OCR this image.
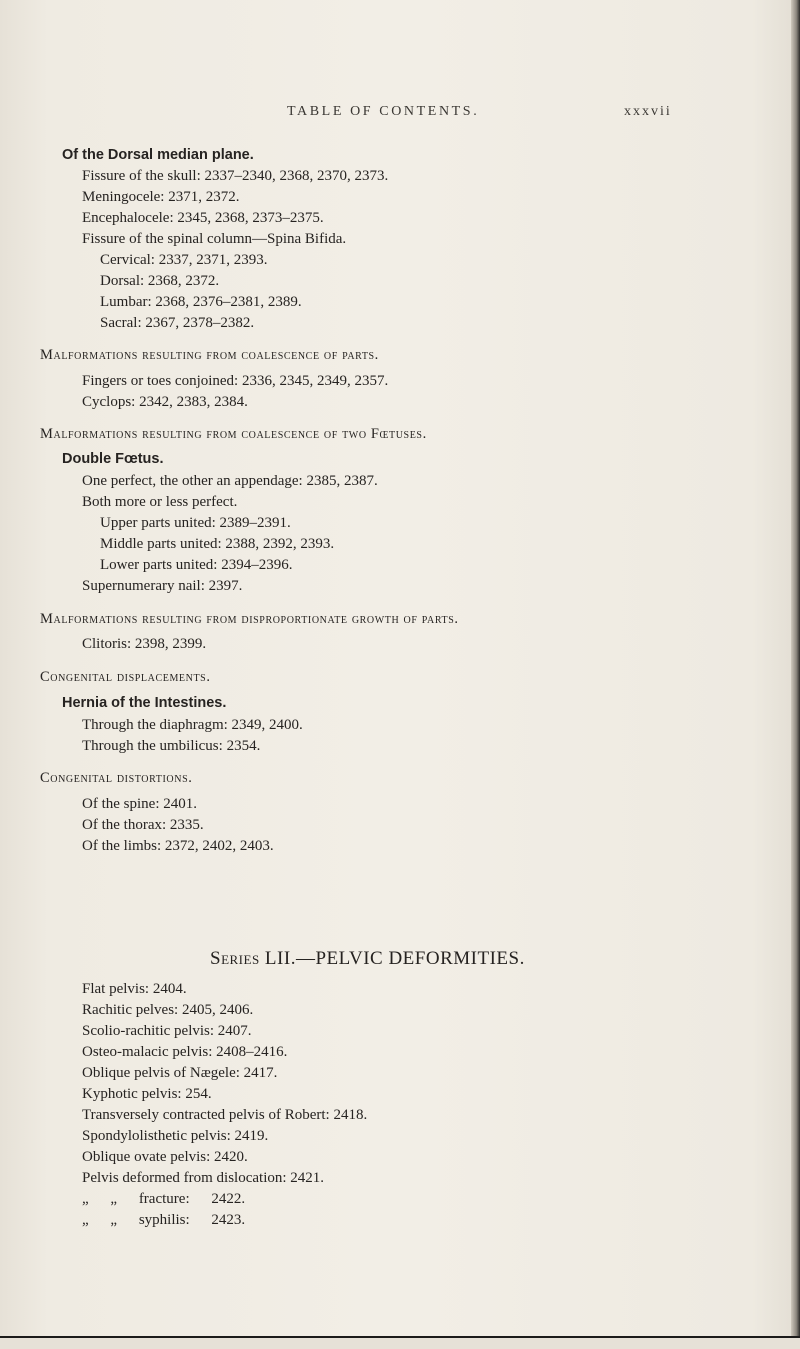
TABLE OF CONTENTS.	xxxvii
Of the Dorsal median plane.
Fissure of the skull: 2337–2340, 2368, 2370, 2373.
Meningocele: 2371, 2372.
Encephalocele: 2345, 2368, 2373–2375.
Fissure of the spinal column—Spina Bifida.
Cervical: 2337, 2371, 2393.
Dorsal: 2368, 2372.
Lumbar: 2368, 2376–2381, 2389.
Sacral: 2367, 2378–2382.
Malformations resulting from coalescence of parts.
Fingers or toes conjoined: 2336, 2345, 2349, 2357.
Cyclops: 2342, 2383, 2384.
Malformations resulting from coalescence of two Fœtuses.
Double Fœtus.
One perfect, the other an appendage: 2385, 2387.
Both more or less perfect.
Upper parts united: 2389–2391.
Middle parts united: 2388, 2392, 2393.
Lower parts united: 2394–2396.
Supernumerary nail: 2397.
Malformations resulting from disproportionate growth of parts.
Clitoris: 2398, 2399.
Congenital displacements.
Hernia of the Intestines.
Through the diaphragm: 2349, 2400.
Through the umbilicus: 2354.
Congenital distortions.
Of the spine: 2401.
Of the thorax: 2335.
Of the limbs: 2372, 2402, 2403.
Series LII.—PELVIC DEFORMITIES.
Flat pelvis: 2404.
Rachitic pelves: 2405, 2406.
Scolio-rachitic pelvis: 2407.
Osteo-malacic pelvis: 2408–2416.
Oblique pelvis of Nægele: 2417.
Kyphotic pelvis: 254.
Transversely contracted pelvis of Robert: 2418.
Spondylolisthetic pelvis: 2419.
Oblique ovate pelvis: 2420.
Pelvis deformed from dislocation: 2421.
„ „ fracture: 2422.
„ „ syphilis: 2423.
